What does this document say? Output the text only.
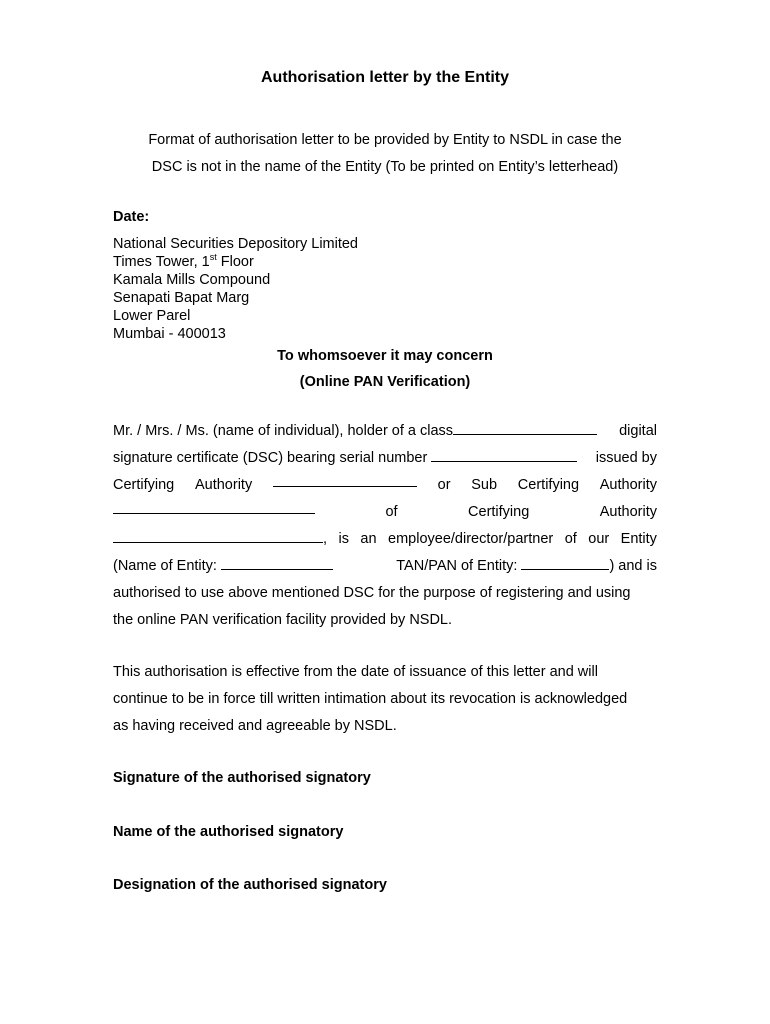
Authorisation letter by the Entity
Format of authorisation letter to be provided by Entity to NSDL in case the
DSC is not in the name of the Entity (To be printed on Entity’s letterhead)
Date:
National Securities Depository Limited
Times Tower, 1st Floor
Kamala Mills Compound
Senapati Bapat Marg
Lower Parel
Mumbai - 400013
To whomsoever it may concern
(Online PAN Verification)
Mr. / Mrs. / Ms. (name of individual), holder of a class	digital
signature certificate (DSC) bearing serial number	issued by
Certifying Authority	or Sub Certifying Authority
of	Certifying	Authority
, is an employee/director/partner of our Entity
(Name of Entity:	TAN/PAN of Entity:	) and is
authorised to use above mentioned DSC for the purpose of registering and using
the online PAN verification facility provided by NSDL.
This authorisation is effective from the date of issuance of this letter and will
continue to be in force till written intimation about its revocation is acknowledged
as having received and agreeable by NSDL.
Signature of the authorised signatory
Name of the authorised signatory
Designation of the authorised signatory
